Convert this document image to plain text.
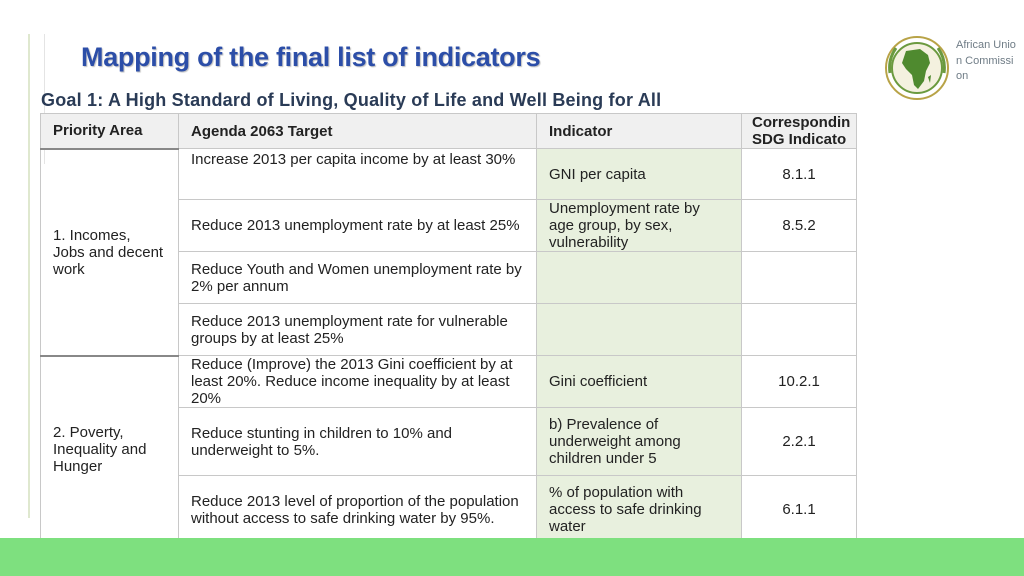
Mapping of the final list of indicators
Goal 1: A High Standard of Living, Quality of Life and Well Being for All
African Union Commission
Priority Area	Agenda 2063 Target	Indicator	Correspondin
SDG Indicato
1. Incomes, Jobs and decent work	Increase 2013 per capita income by at least 30%	GNI per capita	8.1.1
	Reduce 2013 unemployment rate by at least 25%	Unemployment rate by age group, by sex, vulnerability	8.5.2
	Reduce Youth and Women unemployment rate by 2% per annum		
	Reduce 2013 unemployment rate for vulnerable groups by at least 25%		
2. Poverty, Inequality and Hunger	Reduce (Improve) the 2013 Gini coefficient by at least 20%. Reduce income inequality by at least 20%	Gini coefficient	10.2.1
	Reduce stunting in children to 10% and underweight to 5%.	b) Prevalence of underweight among children under 5	2.2.1
	Reduce 2013 level of proportion of the population without access to safe drinking water by 95%.	% of population with access to safe drinking water	6.1.1
